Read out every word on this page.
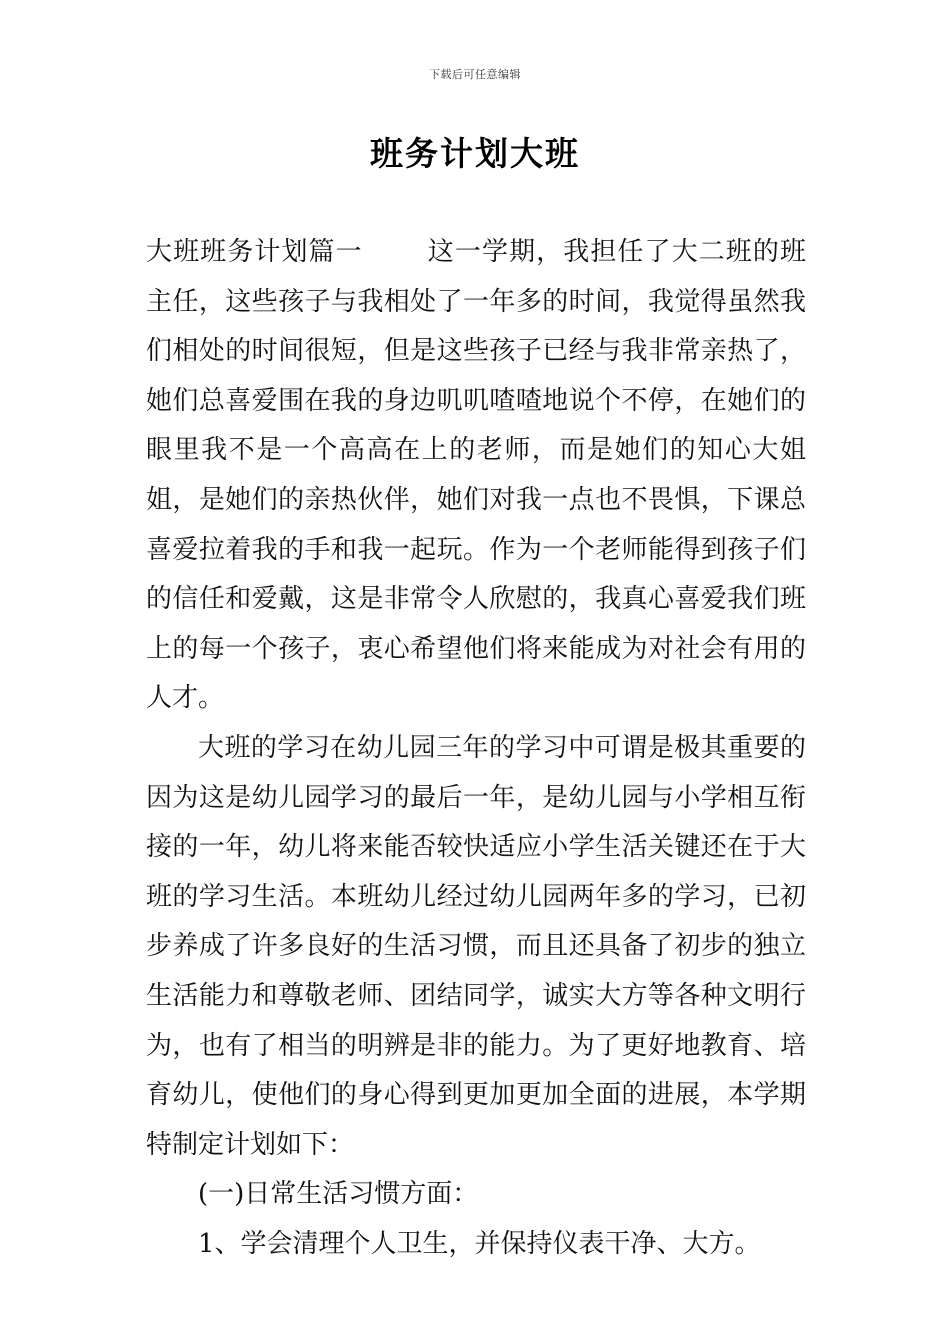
下载后可任意编辑
班务计划大班

大班班务计划篇一 这一学期，我担任了大二班的班主任，这些孩子与我相处了一年多的时间，我觉得虽然我们相处的时间很短，但是这些孩子已经与我非常亲热了，她们总喜爱围在我的身边叽叽喳喳地说个不停，在她们的眼里我不是一个高高在上的老师，而是她们的知心大姐姐，是她们的亲热伙伴，她们对我一点也不畏惧，下课总喜爱拉着我的手和我一起玩。作为一个老师能得到孩子们的信任和爱戴，这是非常令人欣慰的，我真心喜爱我们班上的每一个孩子，衷心希望他们将来能成为对社会有用的人才。

大班的学习在幼儿园三年的学习中可谓是极其重要的因为这是幼儿园学习的最后一年，是幼儿园与小学相互衔接的一年，幼儿将来能否较快适应小学生活关键还在于大班的学习生活。本班幼儿经过幼儿园两年多的学习，已初步养成了许多良好的生活习惯，而且还具备了初步的独立生活能力和尊敬老师、团结同学，诚实大方等各种文明行为，也有了相当的明辨是非的能力。为了更好地教育、培育幼儿，使他们的身心得到更加更加全面的进展，本学期特制定计划如下：

(一)日常生活习惯方面：

1、学会清理个人卫生，并保持仪表干净、大方。
